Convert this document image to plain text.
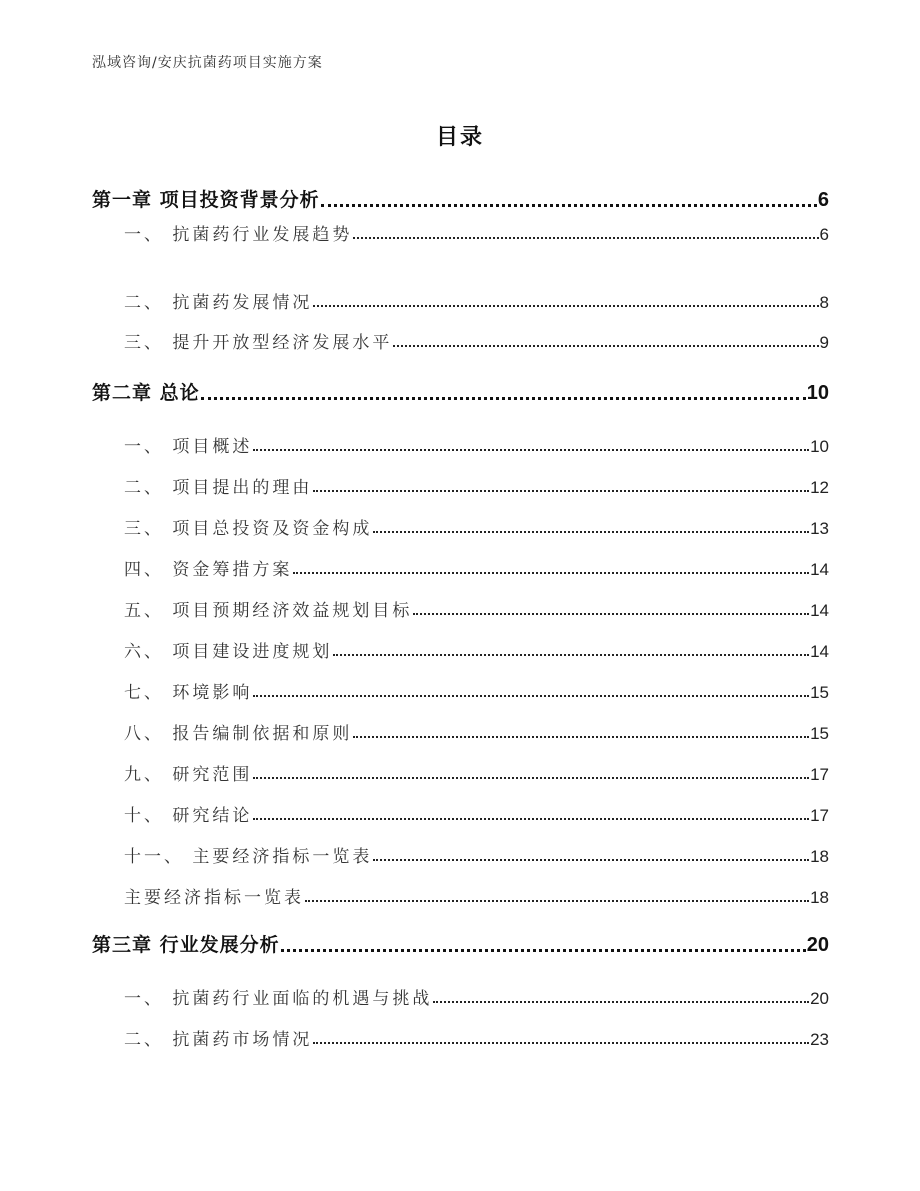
泓域咨询/安庆抗菌药项目实施方案
目录
第一章 项目投资背景分析	6
一、 抗菌药行业发展趋势	6
二、 抗菌药发展情况	8
三、 提升开放型经济发展水平	9
第二章 总论	10
一、 项目概述	10
二、 项目提出的理由	12
三、 项目总投资及资金构成	13
四、 资金筹措方案	14
五、 项目预期经济效益规划目标	14
六、 项目建设进度规划	14
七、 环境影响	15
八、 报告编制依据和原则	15
九、 研究范围	17
十、 研究结论	17
十一、 主要经济指标一览表	18
主要经济指标一览表	18
第三章 行业发展分析	20
一、 抗菌药行业面临的机遇与挑战	20
二、 抗菌药市场情况	23
